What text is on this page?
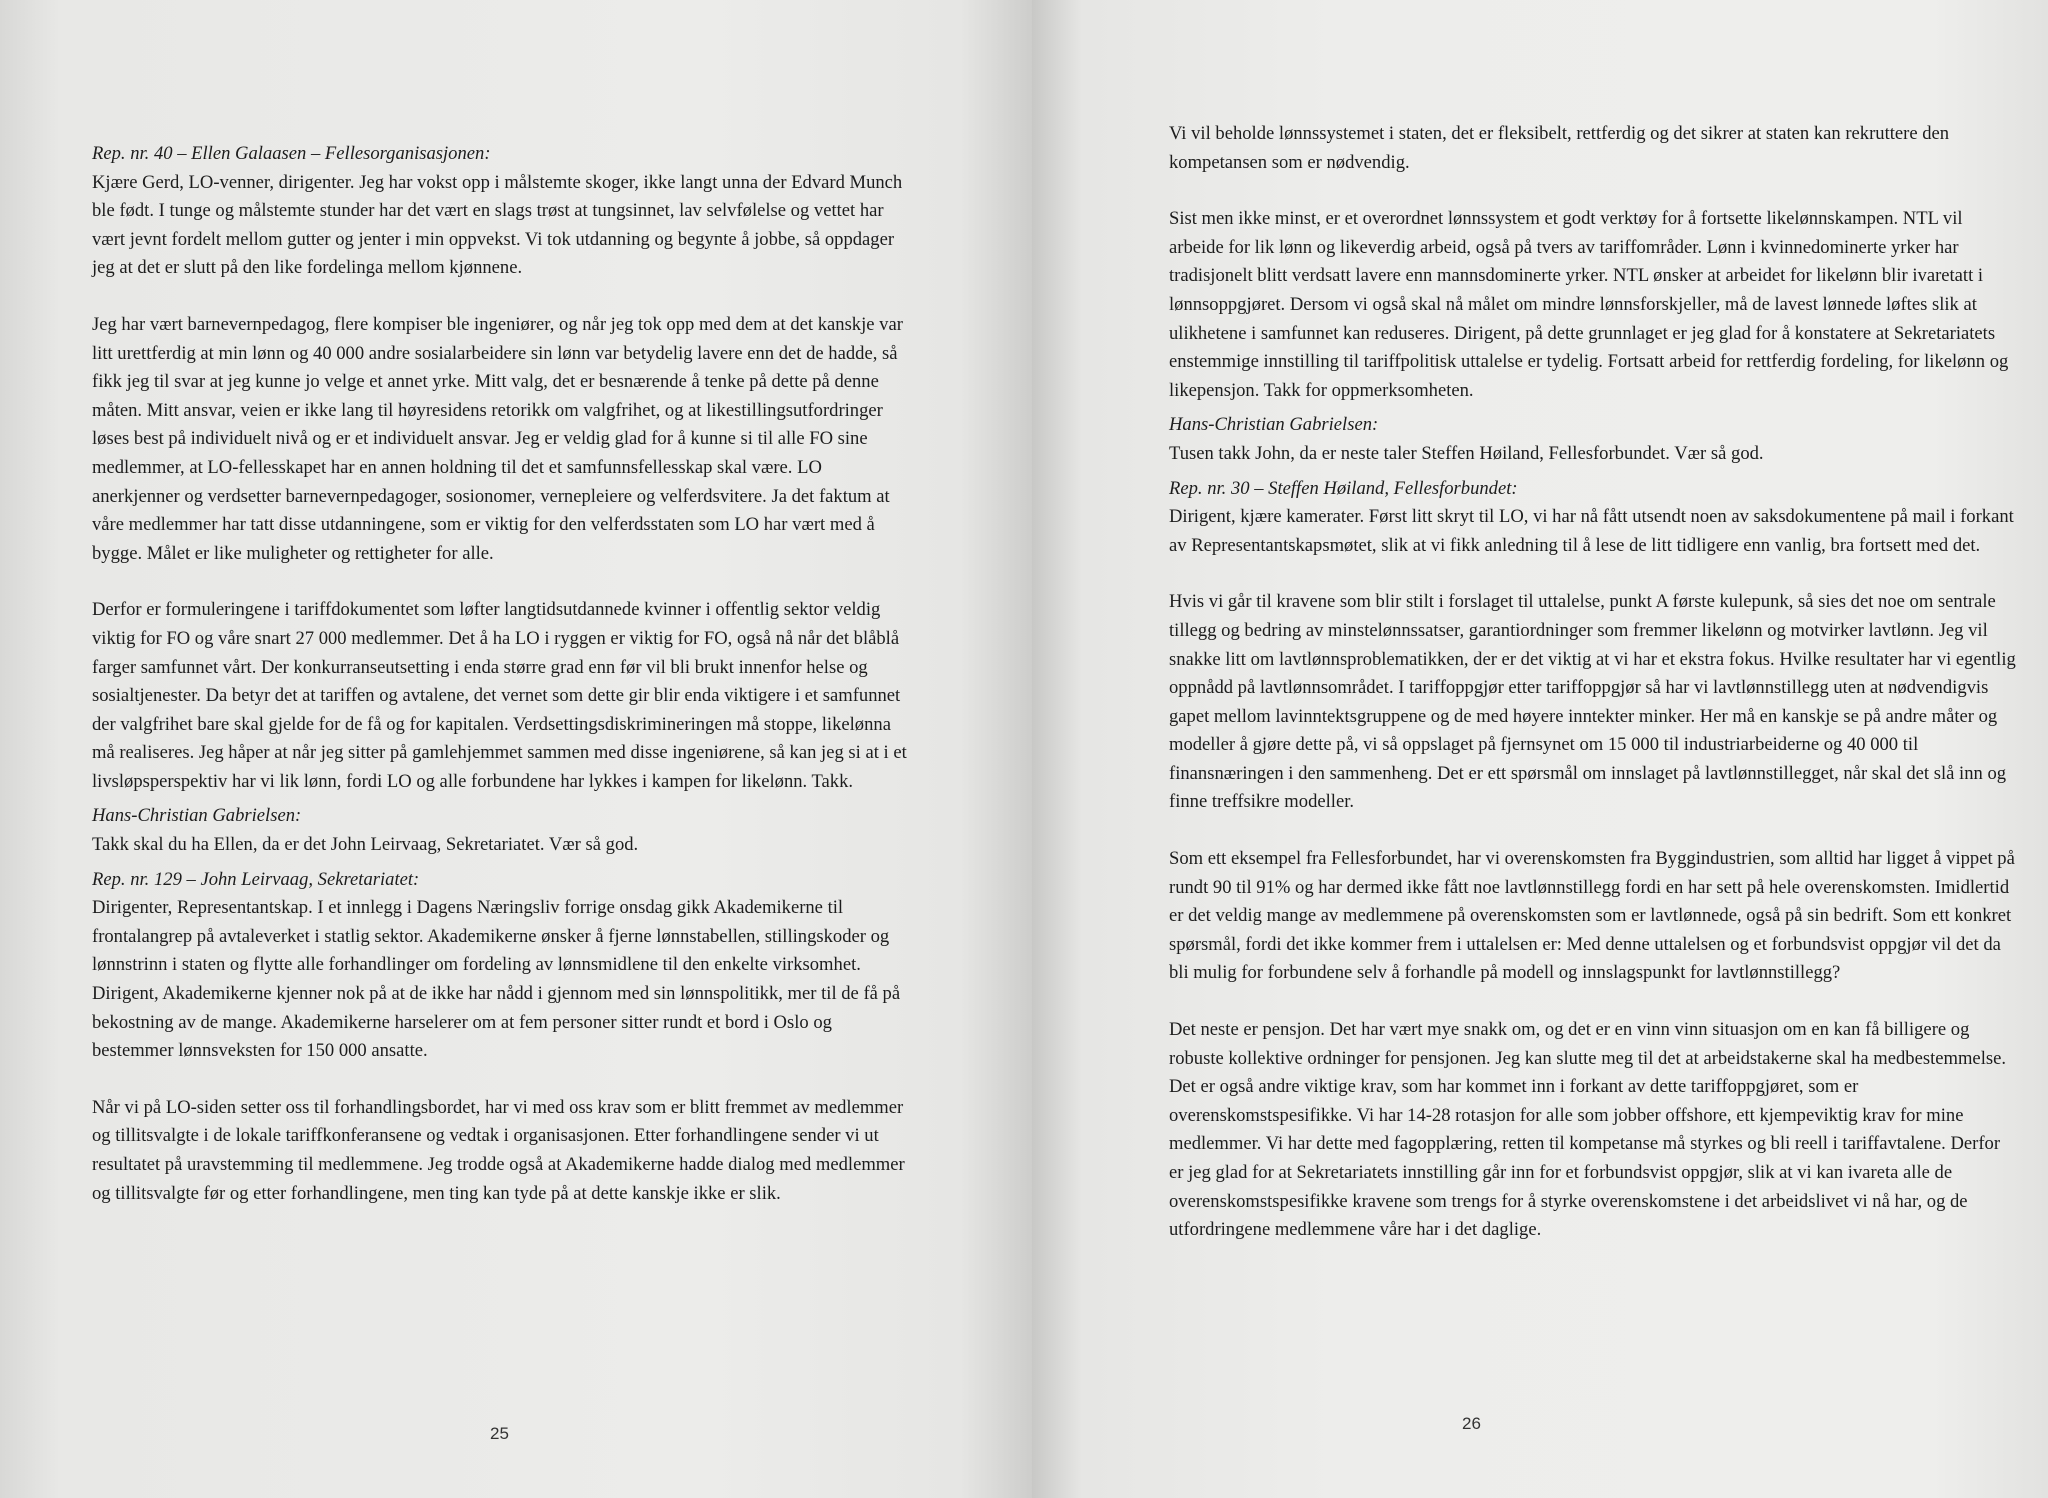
Rep. nr. 40 – Ellen Galaasen – Fellesorganisasjonen:

Kjære Gerd, LO-venner, dirigenter. Jeg har vokst opp i målstemte skoger, ikke langt unna der Edvard Munch ble født. I tunge og målstemte stunder har det vært en slags trøst at tungsinnet, lav selvfølelse og vettet har vært jevnt fordelt mellom gutter og jenter i min oppvekst. Vi tok utdanning og begynte å jobbe, så oppdager jeg at det er slutt på den like fordelinga mellom kjønnene.

Jeg har vært barnevernpedagog, flere kompiser ble ingeniører, og når jeg tok opp med dem at det kanskje var litt urettferdig at min lønn og 40 000 andre sosialarbeidere sin lønn var betydelig lavere enn det de hadde, så fikk jeg til svar at jeg kunne jo velge et annet yrke. Mitt valg, det er besnærende å tenke på dette på denne måten. Mitt ansvar, veien er ikke lang til høyresidens retorikk om valgfrihet, og at likestillingsutfordringer løses best på individuelt nivå og er et individuelt ansvar. Jeg er veldig glad for å kunne si til alle FO sine medlemmer, at LO-fellesskapet har en annen holdning til det et samfunnsfellesskap skal være. LO anerkjenner og verdsetter barnevernpedagoger, sosionomer, vernepleiere og velferdsvitere. Ja det faktum at våre medlemmer har tatt disse utdanningene, som er viktig for den velferdsstaten som LO har vært med å bygge. Målet er like muligheter og rettigheter for alle.

Derfor er formuleringene i tariffdokumentet som løfter langtidsutdannede kvinner i offentlig sektor veldig viktig for FO og våre snart 27 000 medlemmer. Det å ha LO i ryggen er viktig for FO, også nå når det blåblå farger samfunnet vårt. Der konkurranseutsetting i enda større grad enn før vil bli brukt innenfor helse og sosialtjenester. Da betyr det at tariffen og avtalene, det vernet som dette gir blir enda viktigere i et samfunnet der valgfrihet bare skal gjelde for de få og for kapitalen. Verdsettingsdiskrimineringen må stoppe, likelønna må realiseres. Jeg håper at når jeg sitter på gamlehjemmet sammen med disse ingeniørene, så kan jeg si at i et livsløpsperspektiv har vi lik lønn, fordi LO og alle forbundene har lykkes i kampen for likelønn. Takk.

Hans-Christian Gabrielsen:

Takk skal du ha Ellen, da er det John Leirvaag, Sekretariatet. Vær så god.

Rep. nr. 129 – John Leirvaag, Sekretariatet:

Dirigenter, Representantskap. I et innlegg i Dagens Næringsliv forrige onsdag gikk Akademikerne til frontalangrep på avtaleverket i statlig sektor. Akademikerne ønsker å fjerne lønnstabellen, stillingskoder og lønnstrinn i staten og flytte alle forhandlinger om fordeling av lønnsmidlene til den enkelte virksomhet. Dirigent, Akademikerne kjenner nok på at de ikke har nådd i gjennom med sin lønnspolitikk, mer til de få på bekostning av de mange. Akademikerne harselerer om at fem personer sitter rundt et bord i Oslo og bestemmer lønnsveksten for 150 000 ansatte.

Når vi på LO-siden setter oss til forhandlingsbordet, har vi med oss krav som er blitt fremmet av medlemmer og tillitsvalgte i de lokale tariffkonferansene og vedtak i organisasjonen. Etter forhandlingene sender vi ut resultatet på uravstemming til medlemmene. Jeg trodde også at Akademikerne hadde dialog med medlemmer og tillitsvalgte før og etter forhandlingene, men ting kan tyde på at dette kanskje ikke er slik.

25

Vi vil beholde lønnssystemet i staten, det er fleksibelt, rettferdig og det sikrer at staten kan rekruttere den kompetansen som er nødvendig.

Sist men ikke minst, er et overordnet lønnssystem et godt verktøy for å fortsette likelønnskampen. NTL vil arbeide for lik lønn og likeverdig arbeid, også på tvers av tariffområder. Lønn i kvinnedominerte yrker har tradisjonelt blitt verdsatt lavere enn mannsdominerte yrker. NTL ønsker at arbeidet for likelønn blir ivaretatt i lønnsoppgjøret. Dersom vi også skal nå målet om mindre lønnsforskjeller, må de lavest lønnede løftes slik at ulikhetene i samfunnet kan reduseres. Dirigent, på dette grunnlaget er jeg glad for å konstatere at Sekretariatets enstemmige innstilling til tariffpolitisk uttalelse er tydelig. Fortsatt arbeid for rettferdig fordeling, for likelønn og likepensjon. Takk for oppmerksomheten.

Hans-Christian Gabrielsen:

Tusen takk John, da er neste taler Steffen Høiland, Fellesforbundet. Vær så god.

Rep. nr. 30 – Steffen Høiland, Fellesforbundet:

Dirigent, kjære kamerater. Først litt skryt til LO, vi har nå fått utsendt noen av saksdokumentene på mail i forkant av Representantskapsmøtet, slik at vi fikk anledning til å lese de litt tidligere enn vanlig, bra fortsett med det.

Hvis vi går til kravene som blir stilt i forslaget til uttalelse, punkt A første kulepunk, så sies det noe om sentrale tillegg og bedring av minstelønnssatser, garantiordninger som fremmer likelønn og motvirker lavtlønn. Jeg vil snakke litt om lavtlønnsproblematikken, der er det viktig at vi har et ekstra fokus. Hvilke resultater har vi egentlig oppnådd på lavtlønnsområdet. I tariffoppgjør etter tariffoppgjør så har vi lavtlønnstillegg uten at nødvendigvis gapet mellom lavinntektsgruppene og de med høyere inntekter minker. Her må en kanskje se på andre måter og modeller å gjøre dette på, vi så oppslaget på fjernsynet om 15 000 til industriarbeiderne og 40 000 til finansnæringen i den sammenheng. Det er ett spørsmål om innslaget på lavtlønnstillegget, når skal det slå inn og finne treffsikre modeller.

Som ett eksempel fra Fellesforbundet, har vi overenskomsten fra Byggindustrien, som alltid har ligget å vippet på rundt 90 til 91% og har dermed ikke fått noe lavtlønnstillegg fordi en har sett på hele overenskomsten. Imidlertid er det veldig mange av medlemmene på overenskomsten som er lavtlønnede, også på sin bedrift. Som ett konkret spørsmål, fordi det ikke kommer frem i uttalelsen er: Med denne uttalelsen og et forbundsvist oppgjør vil det da bli mulig for forbundene selv å forhandle på modell og innslagspunkt for lavtlønnstillegg?

Det neste er pensjon. Det har vært mye snakk om, og det er en vinn vinn situasjon om en kan få billigere og robuste kollektive ordninger for pensjonen. Jeg kan slutte meg til det at arbeidstakerne skal ha medbestemmelse. Det er også andre viktige krav, som har kommet inn i forkant av dette tariffoppgjøret, som er overenskomstspesifikke. Vi har 14-28 rotasjon for alle som jobber offshore, ett kjempeviktig krav for mine medlemmer. Vi har dette med fagopplæring, retten til kompetanse må styrkes og bli reell i tariffavtalene. Derfor er jeg glad for at Sekretariatets innstilling går inn for et forbundsvist oppgjør, slik at vi kan ivareta alle de overenskomstspesifikke kravene som trengs for å styrke overenskomstene i det arbeidslivet vi nå har, og de utfordringene medlemmene våre har i det daglige.

26
